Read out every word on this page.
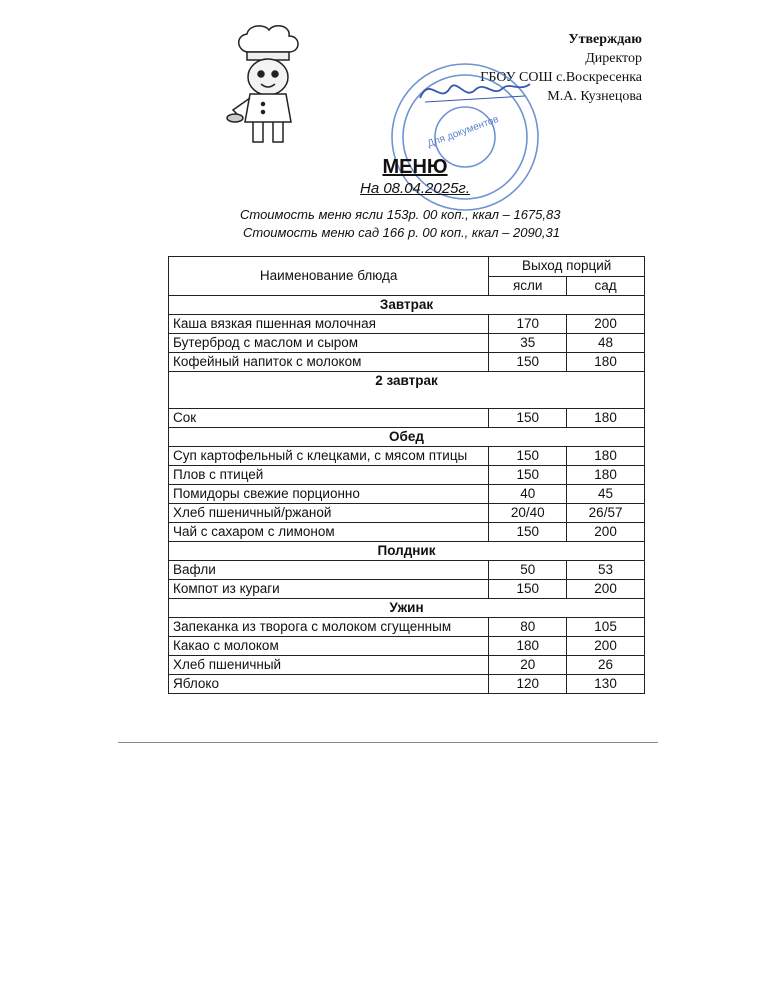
Утверждаю
Директор
ГБОУ СОШ с.Воскресенка
М.А. Кузнецова
Для документов
МЕНЮ
На 08.04.2025г.
Стоимость меню ясли 153р. 00 коп., ккал – 1675,83
Стоимость меню сад 166 р. 00 коп., ккал – 2090,31
Наименование блюда	Выход порций	
	ясли	сад
Завтрак		
Каша вязкая пшенная молочная	170	200
Бутерброд с маслом и сыром	35	48
Кофейный напиток с молоком	150	180
2 завтрак		
Сок	150	180
Обед		
Суп картофельный с клецками, с мясом птицы	150	180
Плов с птицей	150	180
Помидоры свежие порционно	40	45
Хлеб пшеничный/ржаной	20/40	26/57
Чай с сахаром с лимоном	150	200
Полдник		
Вафли	50	53
Компот из кураги	150	200
Ужин		
Запеканка из творога с молоком сгущенным	80	105
Какао с молоком	180	200
Хлеб пшеничный	20	26
Яблоко	120	130
